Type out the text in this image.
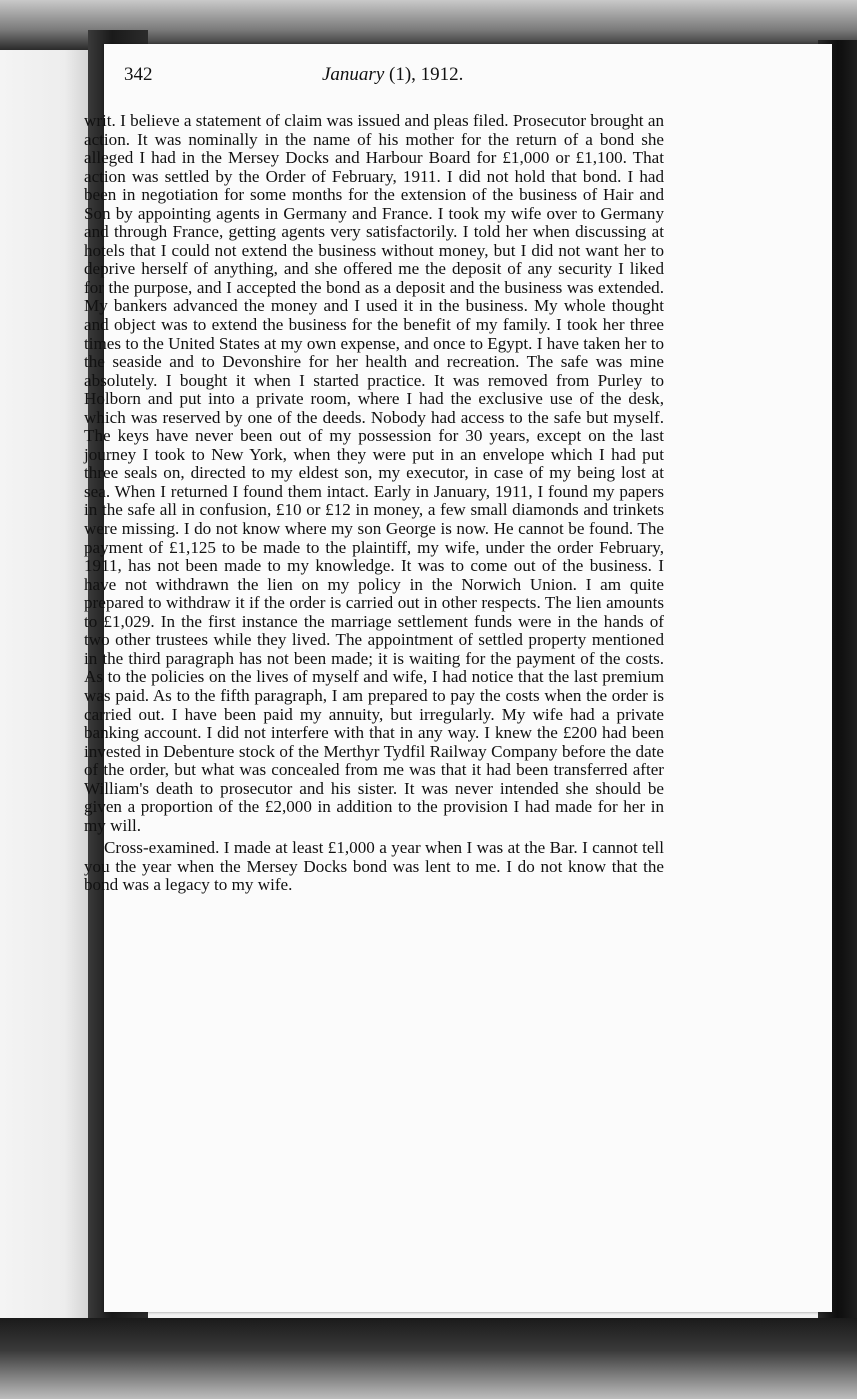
342	January (1), 1912.

writ. I believe a statement of claim was issued and pleas filed. Prosecutor brought an action. It was nominally in the name of his mother for the return of a bond she alleged I had in the Mersey Docks and Harbour Board for £1,000 or £1,100. That action was settled by the Order of February, 1911. I did not hold that bond. I had been in negotiation for some months for the extension of the business of Hair and Son by appointing agents in Germany and France. I took my wife over to Germany and through France, getting agents very satisfactorily. I told her when discussing at hotels that I could not extend the business without money, but I did not want her to deprive herself of anything, and she offered me the deposit of any security I liked for the purpose, and I accepted the bond as a deposit and the business was extended. My bankers advanced the money and I used it in the business. My whole thought and object was to extend the business for the benefit of my family. I took her three times to the United States at my own expense, and once to Egypt. I have taken her to the seaside and to Devonshire for her health and recreation. The safe was mine absolutely. I bought it when I started practice. It was removed from Purley to Holborn and put into a private room, where I had the exclusive use of the desk, which was reserved by one of the deeds. Nobody had access to the safe but myself. The keys have never been out of my possession for 30 years, except on the last journey I took to New York, when they were put in an envelope which I had put three seals on, directed to my eldest son, my executor, in case of my being lost at sea. When I returned I found them intact. Early in January, 1911, I found my papers in the safe all in confusion, £10 or £12 in money, a few small diamonds and trinkets were missing. I do not know where my son George is now. He cannot be found. The payment of £1,125 to be made to the plaintiff, my wife, under the order February, 1911, has not been made to my knowledge. It was to come out of the business. I have not withdrawn the lien on my policy in the Norwich Union. I am quite prepared to withdraw it if the order is carried out in other respects. The lien amounts to £1,029. In the first instance the marriage settlement funds were in the hands of two other trustees while they lived. The appointment of settled property mentioned in the third paragraph has not been made; it is waiting for the payment of the costs. As to the policies on the lives of myself and wife, I had notice that the last premium was paid. As to the fifth paragraph, I am prepared to pay the costs when the order is carried out. I have been paid my annuity, but irregularly. My wife had a private banking account. I did not interfere with that in any way. I knew the £200 had been invested in Debenture stock of the Merthyr Tydfil Railway Company before the date of the order, but what was concealed from me was that it had been transferred after William's death to prosecutor and his sister. It was never intended she should be given a proportion of the £2,000 in addition to the provision I had made for her in my will.

Cross-examined. I made at least £1,000 a year when I was at the Bar. I cannot tell you the year when the Mersey Docks bond was lent to me. I do not know that the bond was a legacy to my wife.
